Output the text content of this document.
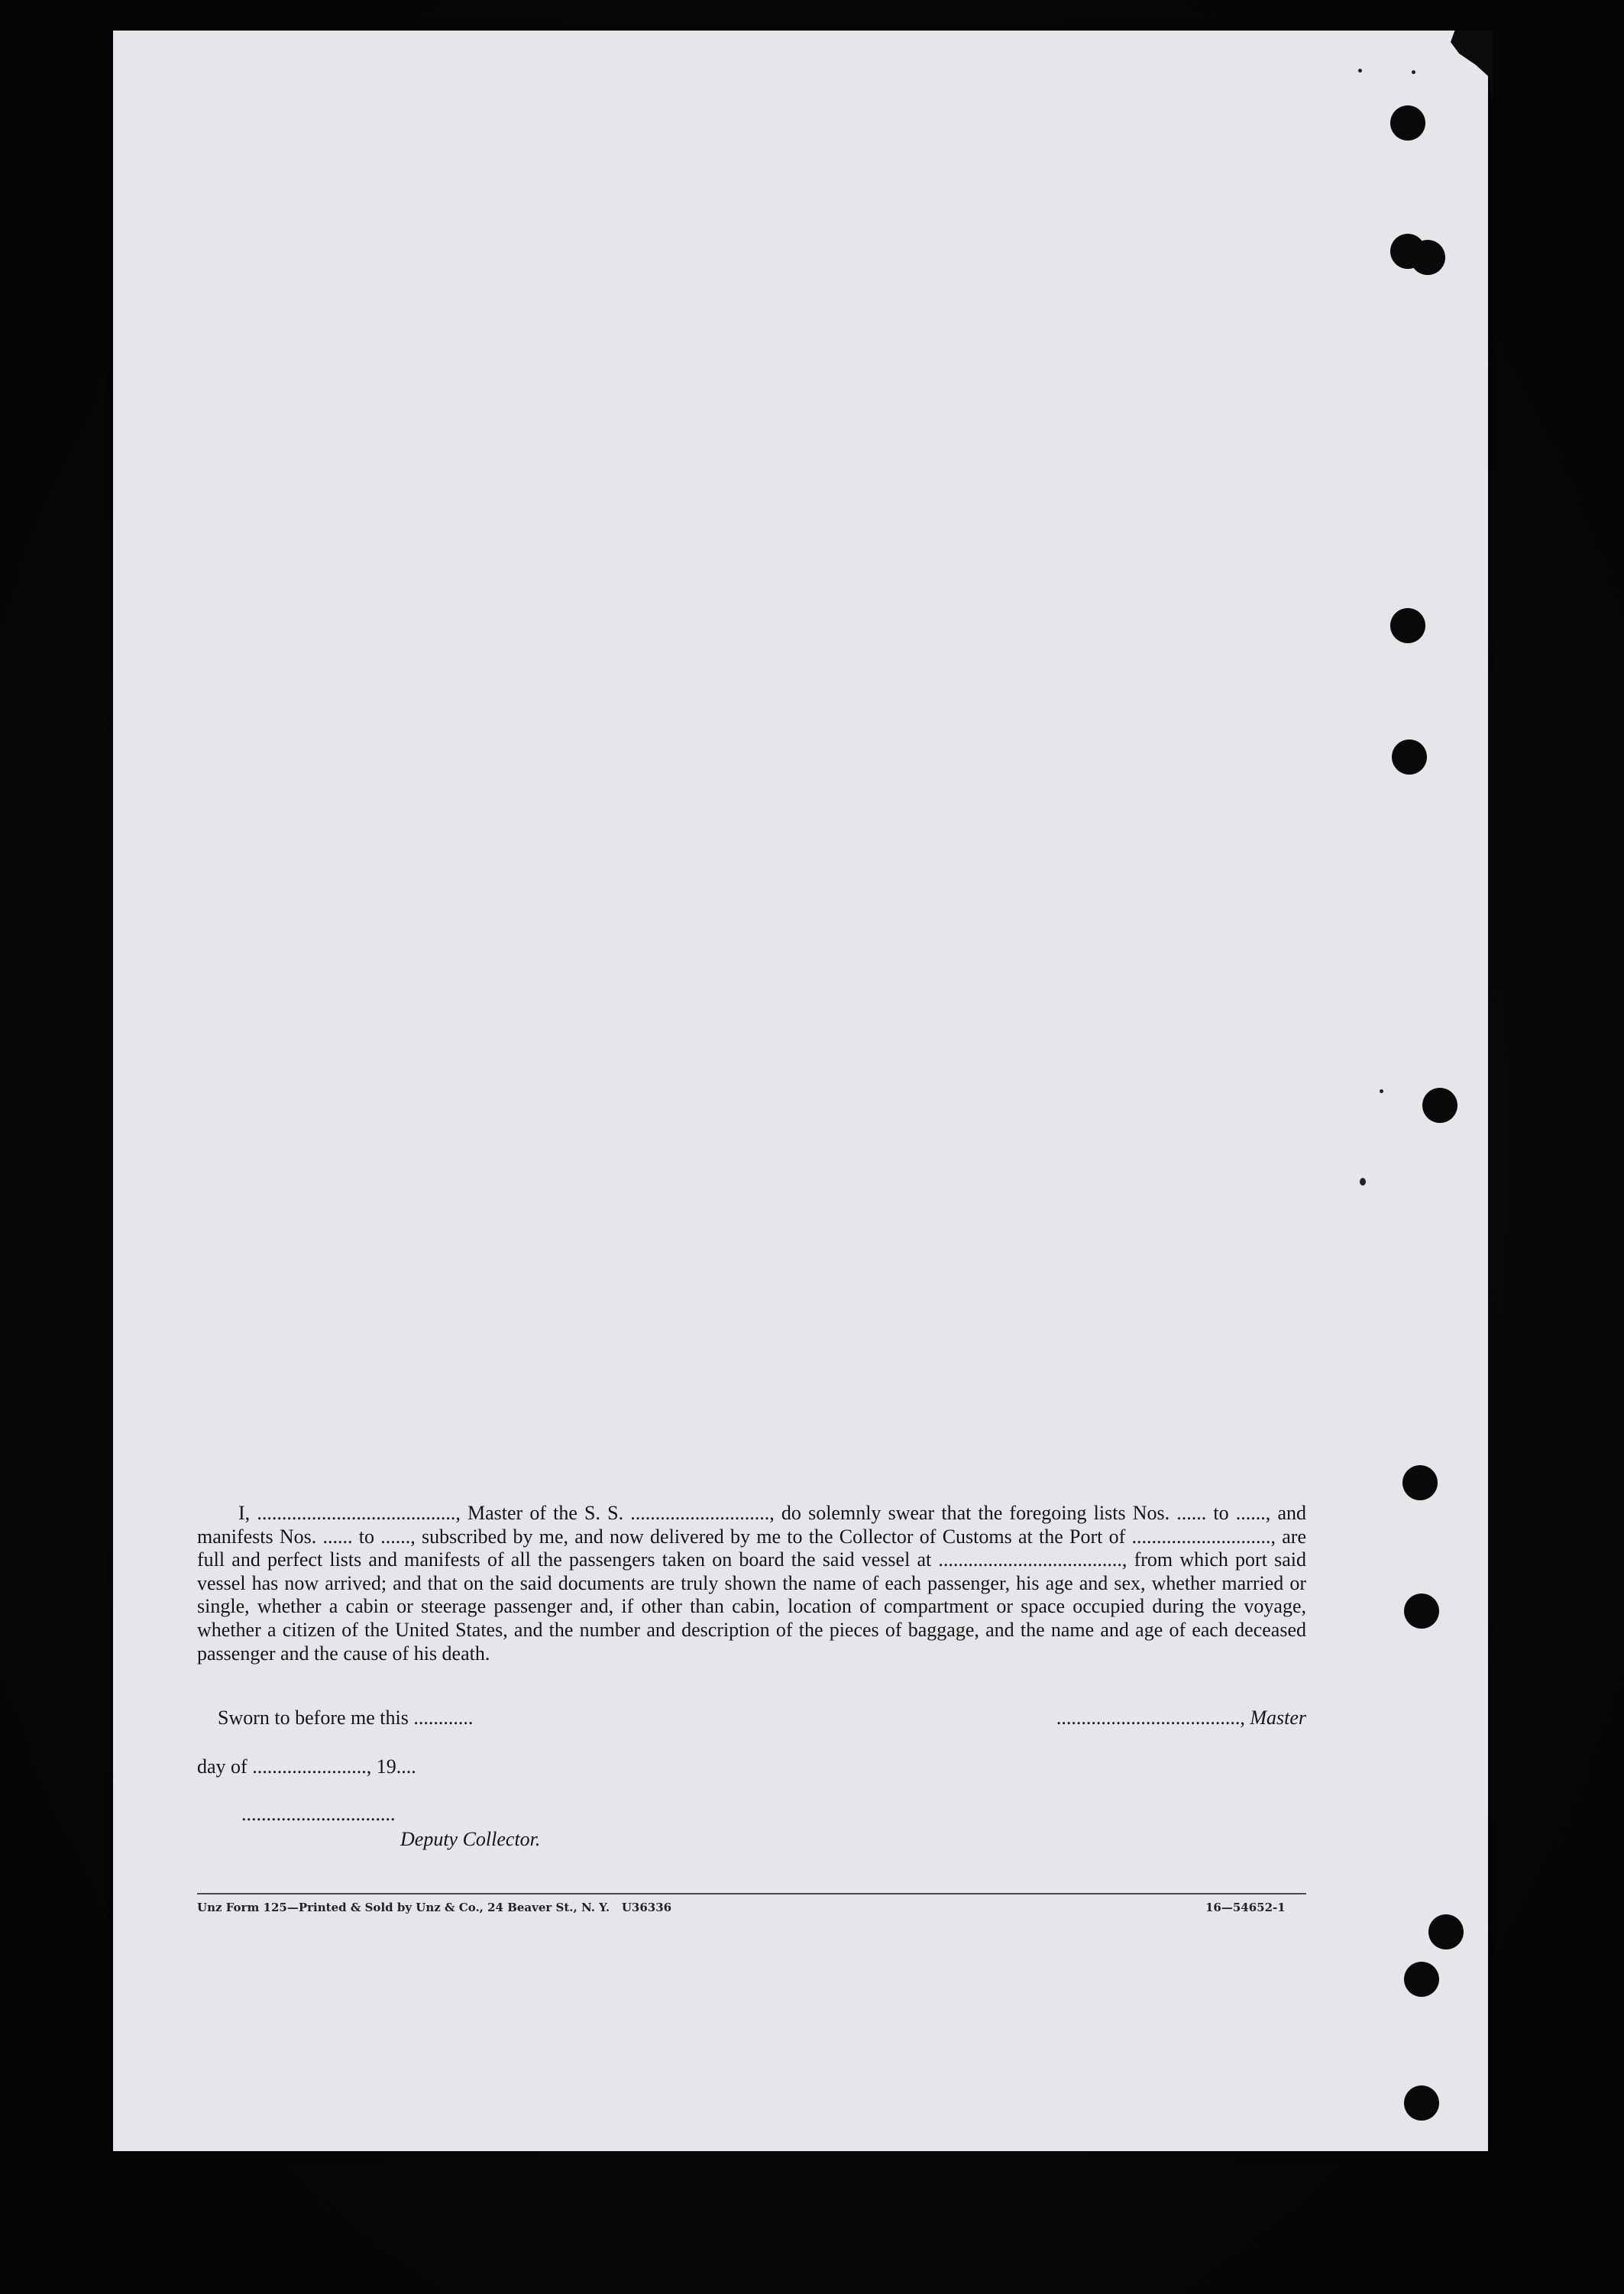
I, ........................................, Master of the S. S. ............................, do solemnly swear that the foregoing lists Nos. ...... to ......, and manifests Nos. ...... to ......, subscribed by me, and now delivered by me to the Collector of Customs at the Port of ............................, are full and perfect lists and manifests of all the passengers taken on board the said vessel at ....................................., from which port said vessel has now arrived; and that on the said documents are truly shown the name of each passenger, his age and sex, whether married or single, whether a cabin or steerage passenger and, if other than cabin, location of compartment or space occupied during the voyage, whether a citizen of the United States, and the number and description of the pieces of baggage, and the name and age of each deceased passenger and the cause of his death.

Sworn to before me this ............	....................................., Master
day of ......................., 19....
...............................
Deputy Collector.
Unz Form 125—Printed & Sold by Unz & Co., 24 Beaver St., N. Y.   U36336	16—54652-1
